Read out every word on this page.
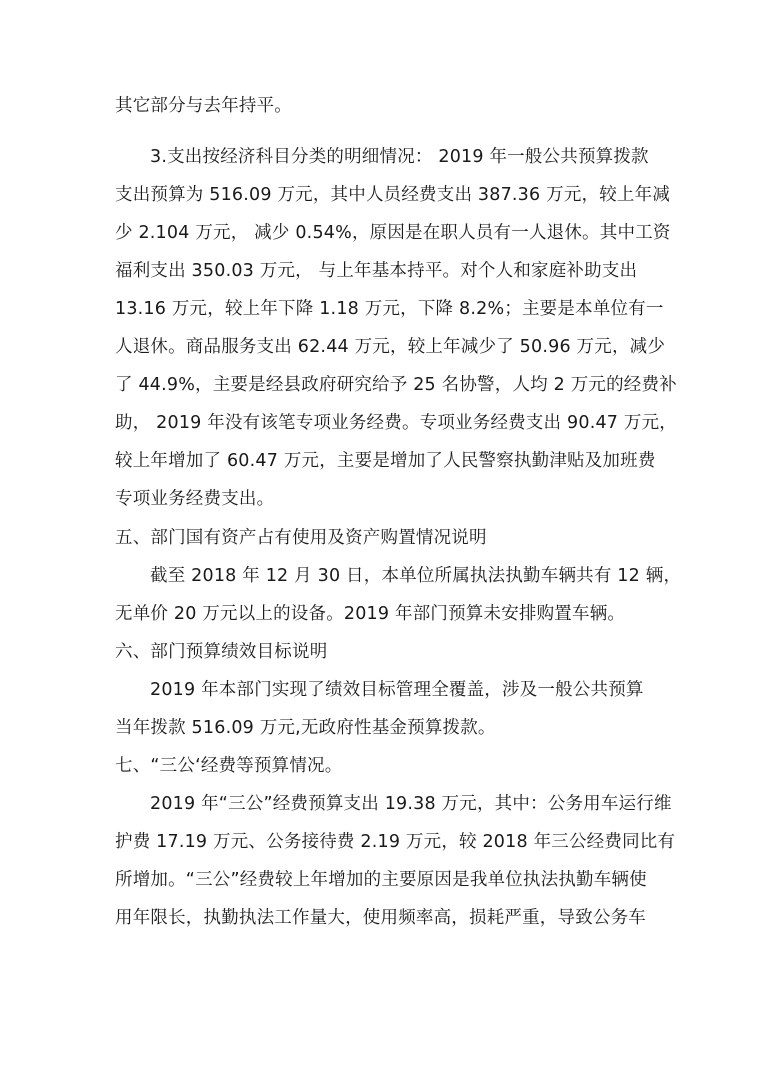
其它部分与去年持平。
3.支出按经济科目分类的明细情况： 2019 年一般公共预算拨款
支出预算为 516.09 万元，其中人员经费支出 387.36 万元，较上年减
少 2.104 万元， 减少 0.54%，原因是在职人员有一人退休。其中工资
福利支出 350.03 万元， 与上年基本持平。对个人和家庭补助支出
13.16 万元，较上年下降 1.18 万元，下降 8.2%；主要是本单位有一
人退休。商品服务支出 62.44 万元，较上年减少了 50.96 万元，减少
了 44.9%，主要是经县政府研究给予 25 名协警，人均 2 万元的经费补
助， 2019 年没有该笔专项业务经费。专项业务经费支出 90.47 万元，
较上年增加了 60.47 万元，主要是增加了人民警察执勤津贴及加班费
专项业务经费支出。
五、部门国有资产占有使用及资产购置情况说明
截至 2018 年 12 月 30 日，本单位所属执法执勤车辆共有 12 辆，
无单价 20 万元以上的设备。2019 年部门预算未安排购置车辆。
六、部门预算绩效目标说明
2019 年本部门实现了绩效目标管理全覆盖，涉及一般公共预算
当年拨款 516.09 万元,无政府性基金预算拨款。
七、“三公‘经费等预算情况。
2019 年“三公”经费预算支出 19.38 万元，其中：公务用车运行维
护费 17.19 万元、公务接待费 2.19 万元，较 2018 年三公经费同比有
所增加。“三公”经费较上年增加的主要原因是我单位执法执勤车辆使
用年限长，执勤执法工作量大，使用频率高，损耗严重，导致公务车
